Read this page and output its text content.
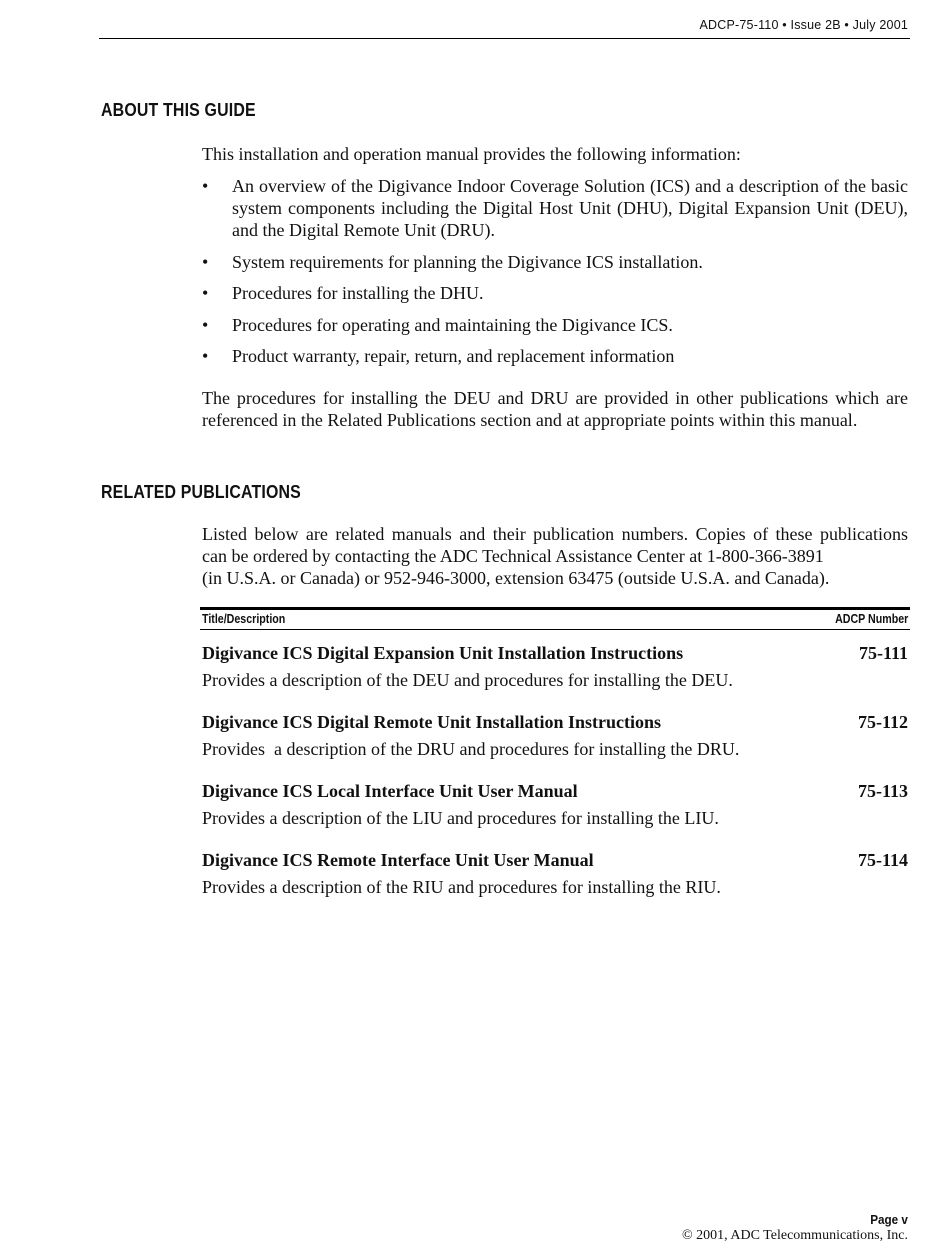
ADCP-75-110 • Issue 2B • July 2001
ABOUT THIS GUIDE
This installation and operation manual provides the following information:
• An overview of the Digivance Indoor Coverage Solution (ICS) and a description of the basic system components including the Digital Host Unit (DHU), Digital Expansion Unit (DEU), and the Digital Remote Unit (DRU).
• System requirements for planning the Digivance ICS installation.
• Procedures for installing the DHU.
• Procedures for operating and maintaining the Digivance ICS.
• Product warranty, repair, return, and replacement information
The procedures for installing the DEU and DRU are provided in other publications which are referenced in the Related Publications section and at appropriate points within this manual.
RELATED PUBLICATIONS
Listed below are related manuals and their publication numbers. Copies of these publications
can be ordered by contacting the ADC Technical Assistance Center at 1-800-366-3891
(in U.S.A. or Canada) or 952-946-3000, extension 63475 (outside U.S.A. and Canada).
Title/Description	ADCP Number
Digivance ICS Digital Expansion Unit Installation Instructions	75-111
Provides a description of the DEU and procedures for installing the DEU.
Digivance ICS Digital Remote Unit Installation Instructions	75-112
Provides  a description of the DRU and procedures for installing the DRU.
Digivance ICS Local Interface Unit User Manual	75-113
Provides a description of the LIU and procedures for installing the LIU.
Digivance ICS Remote Interface Unit User Manual	75-114
Provides a description of the RIU and procedures for installing the RIU.
Page v
© 2001, ADC Telecommunications, Inc.
